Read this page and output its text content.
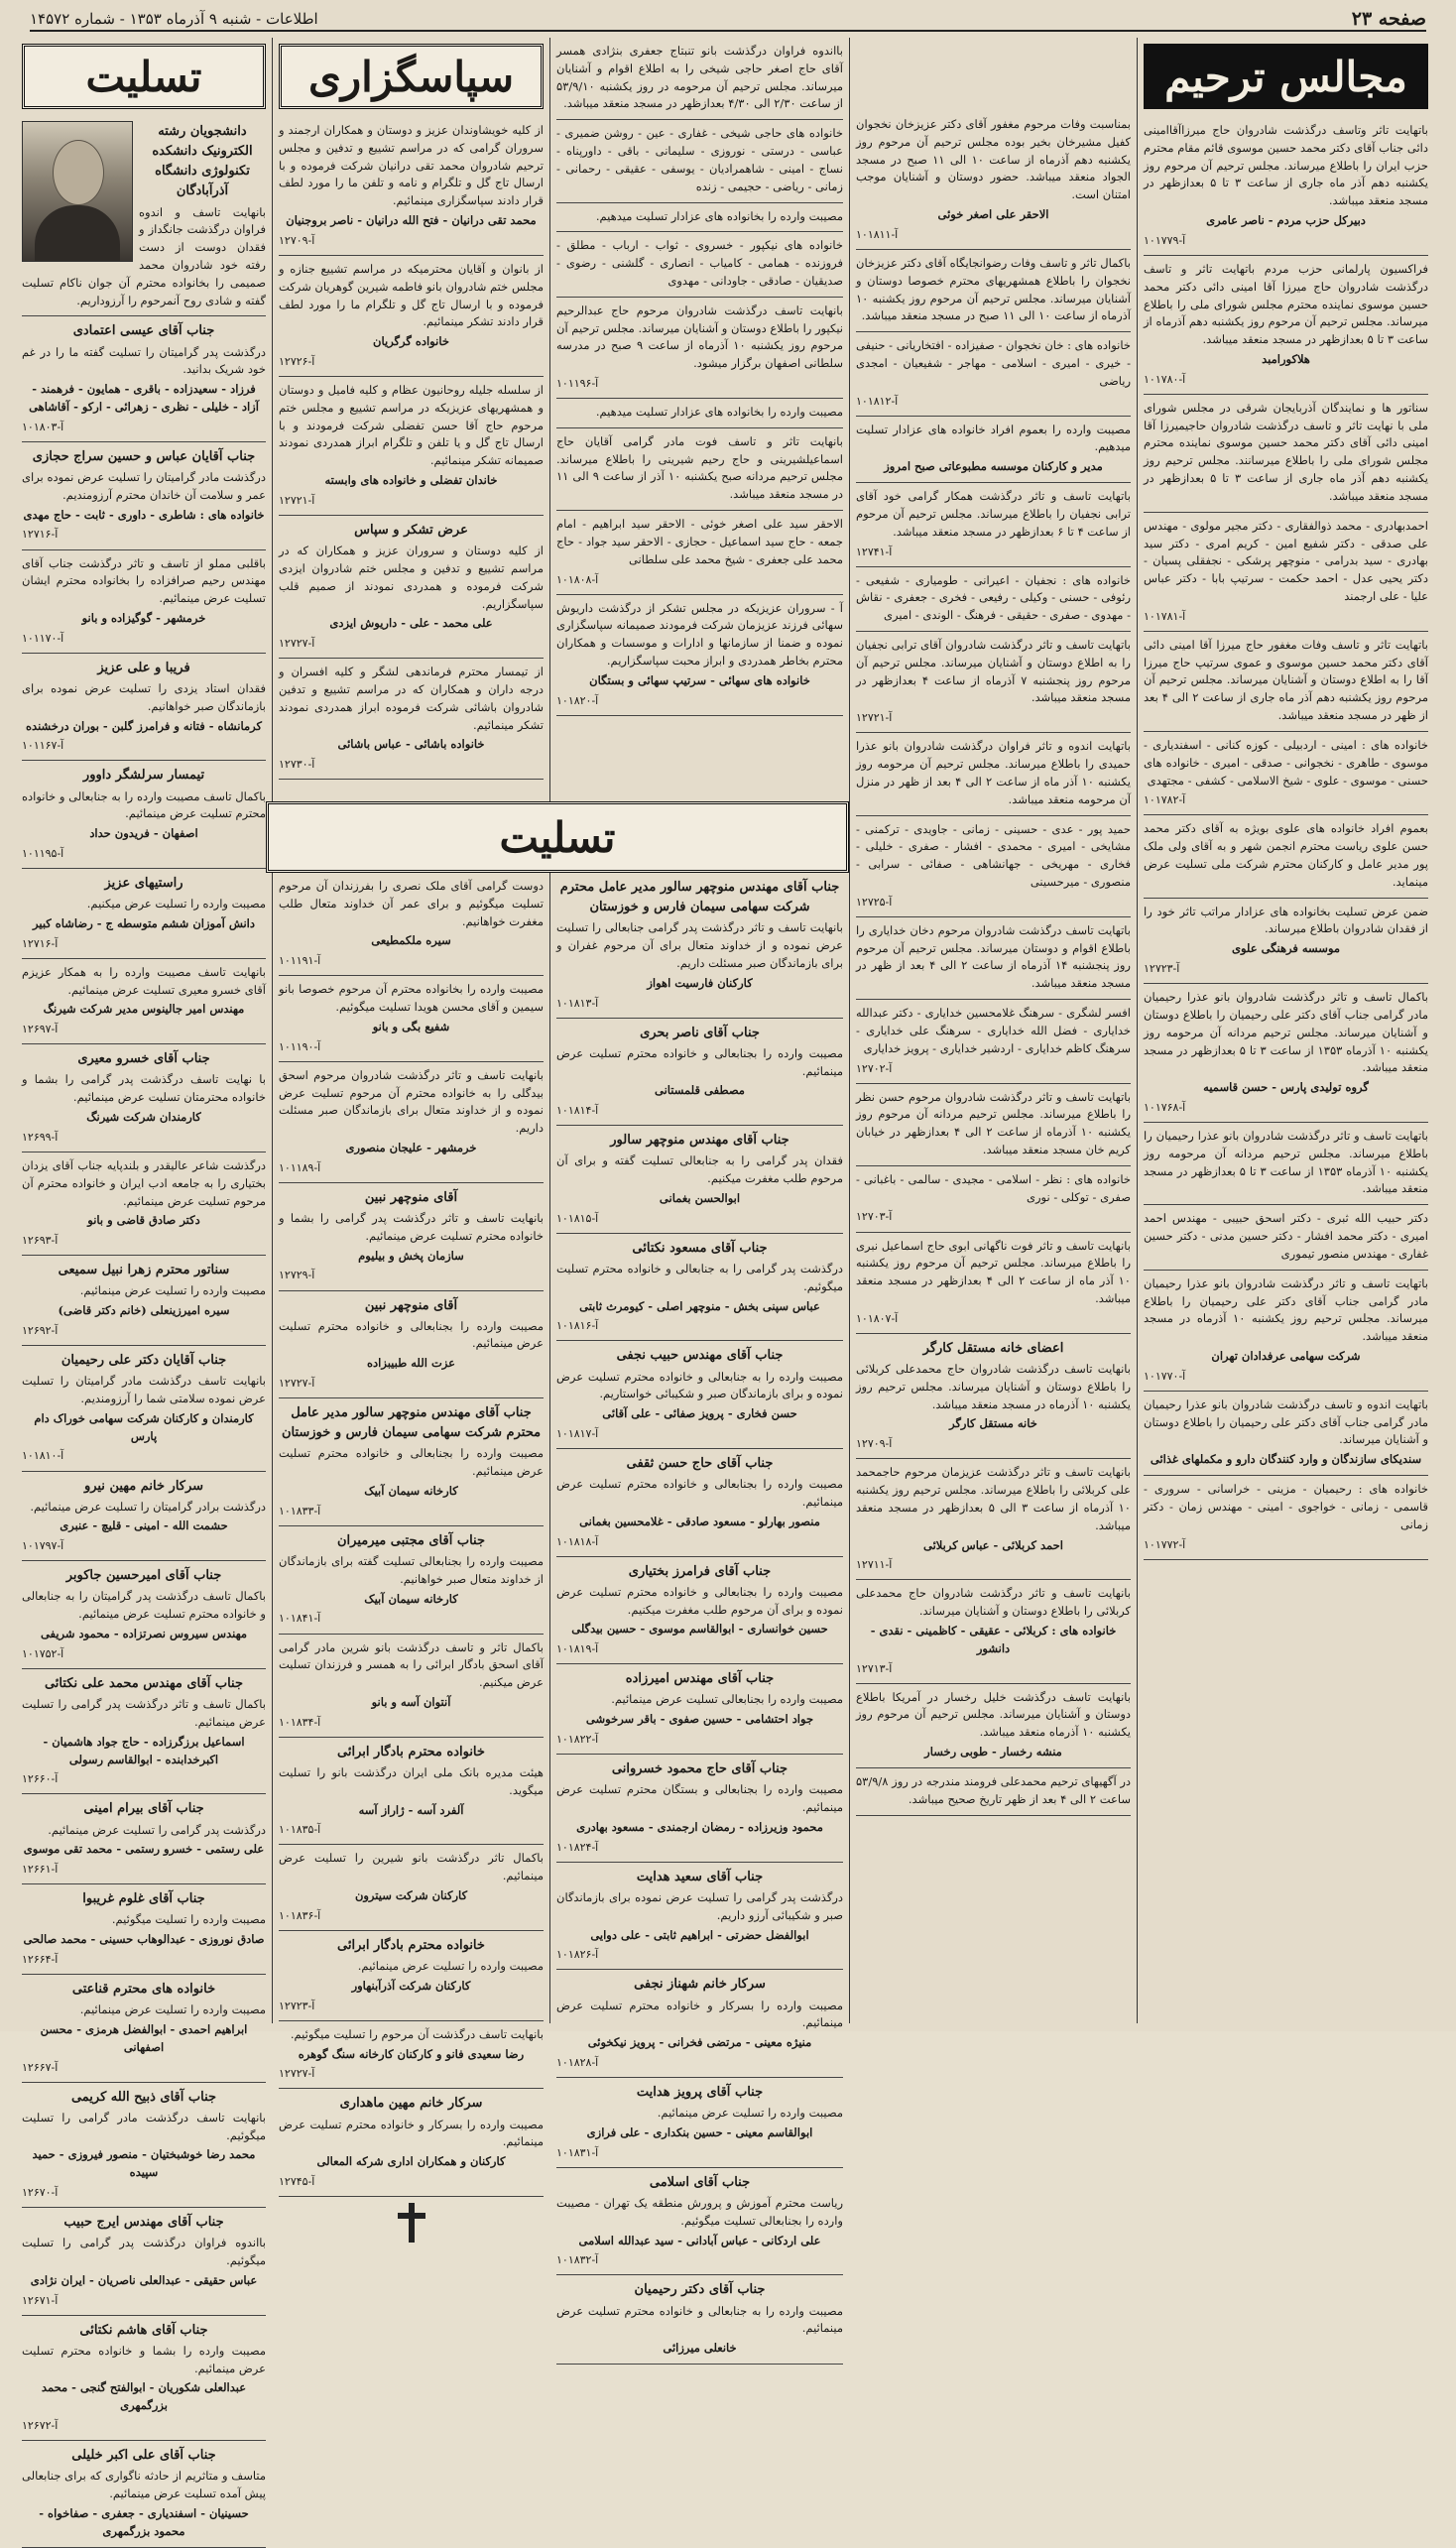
صفحه ۲۳
اطلاعات - شنبه ۹ آذرماه ۱۳۵۳ - شماره ۱۴۵۷۲
مجالس ترحیم
باتهایت تاثر وتاسف درگذشت شادروان حاج میرزاآقاامینی دائی جناب آقای دکتر محمد حسین موسوی قائم مقام محترم حزب ایران را باطلاع میرساند. مجلس ترحیم آن مرحوم روز یکشنبه دهم آذر ماه جاری از ساعت ۳ تا ۵ بعدازظهر در مسجد منعقد میباشد.
دبیرکل حزب مردم - ناصر عامری
آ-۱۰۱۷۷۹
فراکسیون پارلمانی حزب مردم باتهایت تاثر و تاسف درگذشت شادروان حاج میرزا آقا امینی دائی دکتر محمد حسین موسوی نماینده محترم مجلس شورای ملی را باطلاع میرساند. مجلس ترحیم آن مرحوم روز یکشنبه دهم آذرماه از ساعت ۳ تا ۵ بعدازظهر در مسجد منعقد میباشد.
هلاکورامبد
آ-۱۰۱۷۸۰
سناتور ها و نمایندگان آذربایجان شرقی در مجلس شورای ملی با نهایت تاثر و تاسف درگذشت شادروان حاجیمیرزا آقا امینی دائی آقای دکتر محمد حسین موسوی نماینده محترم مجلس شورای ملی را باطلاع میرسانند. مجلس ترحیم روز یکشنبه دهم آذر ماه جاری از ساعت ۳ تا ۵ بعدازظهر در مسجد منعقد میباشد.
احمدبهادری - محمد ذوالفقاری - دکتر مجیر مولوی - مهندس علی صدقی - دکتر شفیع امین - کریم امری - دکتر سید بهادری - سید بدرامی - منوچهر پرشکی - نجفقلی پسیان - دکتر یحیی عدل - احمد حکمت - سرتیپ بابا - دکتر عباس علیا - علی ارجمند
آ-۱۰۱۷۸۱
باتهایت تاثر و تاسف وفات مغفور حاج میرزا آقا امینی دائی آقای دکتر محمد حسین موسوی و عموی سرتیپ حاج میرزا آقا را به اطلاع دوستان و آشنایان میرساند. مجلس ترحیم آن مرحوم روز یکشنبه دهم آذر ماه جاری از ساعت ۲ الی ۴ بعد از ظهر در مسجد منعقد میباشد.
خانواده های : امینی - اردبیلی - کوزه کنانی - اسفندیاری - موسوی - طاهری - نخجوانی - صدقی - امیری - خانواده های حسنی - موسوی - علوی - شیخ الاسلامی - کشفی - مجتهدی
آ-۱۰۱۷۸۲
بعموم افراد خانواده های علوی بویژه به آقای دکتر محمد حسن علوی ریاست محترم انجمن شهر و به آقای ولی ملک پور مدیر عامل و کارکنان محترم شرکت ملی تسلیت عرض مینماید.
ضمن عرض تسلیت بخانواده های عزادار مراتب تاثر خود را از فقدان شادروان باطلاع میرساند.
موسسه فرهنگی علوی
آ-۱۲۷۲۳
باکمال تاسف و تاثر درگذشت شادروان بانو عذرا رحیمیان مادر گرامی جناب آقای دکتر علی رحیمیان را باطلاع دوستان و آشنایان میرساند. مجلس ترحیم مردانه آن مرحومه روز یکشنبه ۱۰ آذرماه ۱۳۵۳ از ساعت ۳ تا ۵ بعدازظهر در مسجد منعقد میباشد.
گروه تولیدی پارس - حسن قاسمیه
آ-۱۰۱۷۶۸
باتهایت تاسف و تاثر درگذشت شادروان بانو عذرا رحیمیان را باطلاع میرساند. مجلس ترحیم مردانه آن مرحومه روز یکشنبه ۱۰ آذرماه ۱۳۵۳ از ساعت ۳ تا ۵ بعدازظهر در مسجد منعقد میباشد.
دکتر حبیب الله ثبری - دکتر اسحق حبیبی - مهندس احمد امیری - دکتر محمد افشار - دکتر حسین مدنی - دکتر حسین غفاری - مهندس منصور تیموری
باتهایت تاسف و تاثر درگذشت شادروان بانو عذرا رحیمیان مادر گرامی جناب آقای دکتر علی رحیمیان را باطلاع میرساند. مجلس ترحیم روز یکشنبه ۱۰ آذرماه در مسجد منعقد میباشد.
شرکت سهامی عرفدادان تهران
آ-۱۰۱۷۷۰
باتهایت اندوه و تاسف درگذشت شادروان بانو عذرا رحیمیان مادر گرامی جناب آقای دکتر علی رحیمیان را باطلاع دوستان و آشنایان میرساند.
سندیکای سازندگان و وارد کنندگان دارو و مکملهای غذائی
خانواده های : رحیمیان - مزینی - خراسانی - سروری - قاسمی - زمانی - خواجوی - امینی - مهندس زمان - دکتر زمانی
آ-۱۰۱۷۷۲
بمناسبت وفات مرحوم مغفور آقای دکتر عزیزخان نخجوان کفیل مشیرخان بخیر بوده مجلس ترحیم آن مرحوم روز یکشنبه دهم آذرماه از ساعت ۱۰ الی ۱۱ صبح در مسجد الجواد منعقد میباشد. حضور دوستان و آشنایان موجب امتنان است.
الاحقر علی اصغر خوئی
آ-۱۰۱۸۱۱
باکمال تاثر و تاسف وفات رضوانجایگاه آقای دکتر عزیزخان نخجوان را باطلاع همشهریهای محترم خصوصا دوستان و آشنایان میرساند. مجلس ترحیم آن مرحوم روز یکشنبه ۱۰ آذرماه از ساعت ۱۰ الی ۱۱ صبح در مسجد منعقد میباشد.
خانواده های : خان نخجوان - صفیزاده - افتخاریانی - حنیفی - خیری - امیری - اسلامی - مهاجر - شفیعیان - امجدی ریاضی
آ-۱۰۱۸۱۲
مصیبت وارده را بعموم افراد خانواده های عزادار تسلیت میدهیم.
مدیر و کارکنان موسسه مطبوعاتی صبح امروز
باتهایت تاسف و تاثر درگذشت همکار گرامی خود آقای ترابی نجفیان را باطلاع میرساند. مجلس ترحیم آن مرحوم از ساعت ۴ تا ۶ بعدازظهر در مسجد منعقد میباشد.
آ-۱۲۷۴۱
خانواده های : نجفیان - اعیرانی - طومیاری - شفیعی - رئوفی - حسنی - وکیلی - رفیعی - فخری - جعفری - نقاش - مهدوی - صفری - حقیقی - فرهنگ - الوندی - امیری
باتهایت تاسف و تاثر درگذشت شادروان آقای ترابی نجفیان را به اطلاع دوستان و آشنایان میرساند. مجلس ترحیم آن مرحوم روز پنجشنبه ۷ آذرماه از ساعت ۴ بعدازظهر در مسجد منعقد میباشد.
آ-۱۲۷۲۱
باتهایت اندوه و تاثر فراوان درگذشت شادروان بانو عذرا حمیدی را باطلاع میرساند. مجلس ترحیم آن مرحومه روز یکشنبه ۱۰ آذر ماه از ساعت ۲ الی ۴ بعد از ظهر در منزل آن مرحومه منعقد میباشد.
حمید پور - عدی - حسینی - زمانی - جاویدی - ترکمنی - مشایخی - امیری - محمدی - افشار - صفری - خلیلی - فخاری - مهریخی - جهانشاهی - صفائی - سرابی - منصوری - میرحسینی
آ-۱۲۷۲۵
باتهایت تاسف درگذشت شادروان مرحوم دخان خدایاری را باطلاع اقوام و دوستان میرساند. مجلس ترحیم آن مرحوم روز پنجشنبه ۱۴ آذرماه از ساعت ۲ الی ۴ بعد از ظهر در مسجد منعقد میباشد.
افسر لشگری - سرهنگ غلامحسین خدایاری - دکتر عبدالله خدایاری - فضل الله خدایاری - سرهنگ علی خدایاری - سرهنگ کاظم خدایاری - اردشیر خدایاری - پرویز خدایاری
آ-۱۲۷۰۲
باتهایت تاسف و تاثر درگذشت شادروان مرحوم حسن نظر را باطلاع میرساند. مجلس ترحیم مردانه آن مرحوم روز یکشنبه ۱۰ آذرماه از ساعت ۲ الی ۴ بعدازظهر در خیابان کریم خان مسجد منعقد میباشد.
خانواده های : نظر - اسلامی - مجیدی - سالمی - باغبانی - صفری - توکلی - نوری
آ-۱۲۷۰۳
بانهایت تاسف و تاثر فوت ناگهانی ابوی حاج اسماعیل نبری را باطلاع میرساند. مجلس ترحیم آن مرحوم روز یکشنبه ۱۰ آذر ماه از ساعت ۲ الی ۴ بعدازظهر در مسجد منعقد میباشد.
آ-۱۰۱۸۰۷
اعضای خانه مستقل کارگر
بانهایت تاسف درگذشت شادروان حاج محمدعلی کربلائی را باطلاع دوستان و آشنایان میرساند. مجلس ترحیم روز یکشنبه ۱۰ آذرماه در مسجد منعقد میباشد.
خانه مستقل کارگر
آ-۱۲۷۰۹
بانهایت تاسف و تاثر درگذشت عزیزمان مرحوم حاجمحمد علی کربلائی را باطلاع میرساند. مجلس ترحیم روز یکشنبه ۱۰ آذرماه از ساعت ۳ الی ۵ بعدازظهر در مسجد منعقد میباشد.
احمد کربلائی - عباس کربلائی
آ-۱۲۷۱۱
بانهایت تاسف و تاثر درگذشت شادروان حاج محمدعلی کربلائی را باطلاع دوستان و آشنایان میرساند.
خانواده های : کربلائی - عقیقی - کاظمینی - نقدی - دانشور
آ-۱۲۷۱۳
بانهایت تاسف درگذشت خلیل رخسار در آمریکا باطلاع دوستان و آشنایان میرساند. مجلس ترحیم آن مرحوم روز یکشنبه ۱۰ آذرماه منعقد میباشد.
منشه رخسار - طوبی رخسار
در آگهیهای ترحیم محمدعلی فرومند مندرجه در روز ۵۳/۹/۸ ساعت ۲ الی ۴ بعد از ظهر تاریخ صحیح میباشد.
بااندوه فراوان درگذشت بانو تنبتاج جعفری بنژادی همسر آقای حاج اصغر حاجی شیخی را به اطلاع اقوام و آشنایان میرساند. مجلس ترحیم آن مرحومه در روز یکشنبه ۵۳/۹/۱۰ از ساعت ۲/۳۰ الی ۴/۳۰ بعدازظهر در مسجد منعقد میباشد.
خانواده های حاجی شیخی - غفاری - عین - روشن ضمیری - عباسی - درستی - نوروزی - سلیمانی - باقی - داورپناه - نساج - امینی - شاهمرادیان - یوسفی - عقیقی - رحمانی - زمانی - ریاضی - حجیمی - زنده
مصیبت وارده را بخانواده های عزادار تسلیت میدهیم.
خانواده های نیکپور - خسروی - ثواب - ارباب - مطلق - فروزنده - همامی - کامیاب - انصاری - گلشنی - رضوی - صدیقیان - صادقی - جاودانی - مهدوی
بانهایت تاسف درگذشت شادروان مرحوم حاج عبدالرحیم نیکپور را باطلاع دوستان و آشنایان میرساند. مجلس ترحیم آن مرحوم روز یکشنبه ۱۰ آذرماه از ساعت ۹ صبح در مدرسه سلطانی اصفهان برگزار میشود.
آ-۱۰۱۱۹۶
مصیبت وارده را بخانواده های عزادار تسلیت میدهیم.
بانهایت تاثر و تاسف فوت مادر گرامی آقایان حاج اسماعیلشیرینی و حاج رحیم شیرینی را باطلاع میرساند. مجلس ترحیم مردانه صبح یکشنبه ۱۰ آذر از ساعت ۹ الی ۱۱ در مسجد منعقد میباشد.
الاحقر سید علی اصغر خوئی - الاحقر سید ابراهیم - امام جمعه - حاج سید اسماعیل - حجازی - الاحقر سید جواد - حاج محمد علی جعفری - شیخ محمد علی سلطانی
آ-۱۰۱۸۰۸
آ - سروران عزیزیکه در مجلس تشکر از درگذشت داریوش سهائی فرزند عزیزمان شرکت فرمودند صمیمانه سپاسگزاری نموده و ضمنا از سازمانها و ادارات و موسسات و همکاران محترم بخاطر همدردی و ابراز محبت سپاسگزاریم.
خانواده های سهائی - سرتیپ سهائی و بستگان
آ-۱۰۱۸۲۰
جناب آقای مهندس منوچهر سالور مدیر عامل محترم شرکت سهامی سیمان فارس و خوزستان
بانهایت تاسف و تاثر درگذشت پدر گرامی جنابعالی را تسلیت عرض نموده و از خداوند متعال برای آن مرحوم غفران و برای بازماندگان صبر مسئلت داریم.
کارکنان فارسیت اهواز
آ-۱۰۱۸۱۳
جناب آقای ناصر بحری
مصیبت وارده را بجنابعالی و خانواده محترم تسلیت عرض مینمائیم.
مصطفی قلمستانی
آ-۱۰۱۸۱۴
جناب آقای مهندس منوچهر سالور
فقدان پدر گرامی را به جنابعالی تسلیت گفته و برای آن مرحوم طلب مغفرت میکنیم.
ابوالحسن بغمانی
آ-۱۰۱۸۱۵
جناب آقای مسعود نکتائی
درگذشت پدر گرامی را به جنابعالی و خانواده محترم تسلیت میگوئیم.
عباس سپنی بخش - منوچهر اصلی - کیومرث ثابتی
آ-۱۰۱۸۱۶
جناب آقای مهندس حبیب نجفی
مصیبت وارده را به جنابعالی و خانواده محترم تسلیت عرض نموده و برای بازماندگان صبر و شکیبائی خواستاریم.
حسن فخاری - پرویز صفائی - علی آقائی
آ-۱۰۱۸۱۷
جناب آقای حاج حسن ثقفی
مصیبت وارده را بجنابعالی و خانواده محترم تسلیت عرض مینمائیم.
منصور بهارلو - مسعود صادقی - غلامحسین بغمانی
آ-۱۰۱۸۱۸
جناب آقای فرامرز بختیاری
مصیبت وارده را بجنابعالی و خانواده محترم تسلیت عرض نموده و برای آن مرحوم طلب مغفرت میکنیم.
حسین خوانساری - ابوالقاسم موسوی - حسین بیدگلی
آ-۱۰۱۸۱۹
جناب آقای مهندس امیرزاده
مصیبت وارده را بجنابعالی تسلیت عرض مینمائیم.
جواد احتشامی - حسین صفوی - باقر سرخوشی
آ-۱۰۱۸۲۲
جناب آقای حاج محمود خسروانی
مصیبت وارده را بجنابعالی و بستگان محترم تسلیت عرض مینمائیم.
محمود وزیرزاده - رمضان ارجمندی - مسعود بهادری
آ-۱۰۱۸۲۴
جناب آقای سعید هدایت
درگذشت پدر گرامی را تسلیت عرض نموده برای بازماندگان صبر و شکیبائی آرزو داریم.
ابوالفضل حضرتی - ابراهیم ثابتی - علی دوایی
آ-۱۰۱۸۲۶
سرکار خانم شهناز نجفی
مصیبت وارده را بسرکار و خانواده محترم تسلیت عرض مینمائیم.
منیژه معینی - مرتضی فخرانی - پرویز نیکخوئی
آ-۱۰۱۸۲۸
جناب آقای پرویز هدایت
مصیبت وارده را تسلیت عرض مینمائیم.
ابوالقاسم معینی - حسین بنکداری - علی فرازی
آ-۱۰۱۸۳۱
جناب آقای اسلامی
ریاست محترم آموزش و پرورش منطقه یک تهران - مصیبت وارده را بجنابعالی تسلیت میگوئیم.
علی اردکانی - عباس آبادانی - سید عبدالله اسلامی
آ-۱۰۱۸۳۲
جناب آقای دکتر رحیمیان
مصیبت وارده را به جنابعالی و خانواده محترم تسلیت عرض مینمائیم.
خانعلی میرزائی
سپاسگزاری
از کلیه خویشاوندان عزیز و دوستان و همکاران ارجمند و سروران گرامی که در مراسم تشییع و تدفین و مجلس ترحیم شادروان محمد تقی درانیان شرکت فرموده و با ارسال تاج گل و تلگرام و نامه و تلفن ما را مورد لطف قرار دادند سپاسگزاری مینمائیم.
محمد تقی درانیان - فتح الله درانیان - ناصر بروجنیان
آ-۱۲۷۰۹
از بانوان و آقایان محترمیکه در مراسم تشییع جنازه و مجلس ختم شادروان بانو فاطمه شیرین گوهریان شرکت فرموده و با ارسال تاج گل و تلگرام ما را مورد لطف قرار دادند تشکر مینمائیم.
خانواده گرگریان
آ-۱۲۷۲۶
از سلسله جلیله روحانیون عظام و کلیه فامیل و دوستان و همشهریهای عزیزیکه در مراسم تشییع و مجلس ختم مرحوم حاج آقا حسن تفضلی شرکت فرمودند و با ارسال تاج گل و یا تلفن و تلگرام ابراز همدردی نمودند صمیمانه تشکر مینمائیم.
خاندان تفضلی و خانواده های وابسته
آ-۱۲۷۲۱
عرض تشکر و سپاس
از کلیه دوستان و سروران عزیز و همکاران که در مراسم تشییع و تدفین و مجلس ختم شادروان ایزدی شرکت فرموده و همدردی نمودند از صمیم قلب سپاسگزاریم.
علی محمد - علی - داریوش ایزدی
آ-۱۲۷۲۷
از تیمسار محترم فرماندهی لشگر و کلیه افسران و درجه داران و همکاران که در مراسم تشییع و تدفین شادروان باشائی شرکت فرموده ابراز همدردی نمودند تشکر مینمائیم.
خانواده باشائی - عباس باشائی
آ-۱۲۷۳۰
دوست گرامی آقای ملک نصری را بفرزندان آن مرحوم تسلیت میگوئیم و برای عمر آن خداوند متعال طلب مغفرت خواهانیم.
سیره ملکمطیعی
آ-۱۰۱۱۹۱
مصیبت وارده را بخانواده محترم آن مرحوم خصوصا بانو سیمین و آقای محسن هویدا تسلیت میگوئیم.
شفیع بگی و بانو
آ-۱۰۱۱۹۰
بانهایت تاسف و تاثر درگذشت شادروان مرحوم اسحق بیدگلی را به خانواده محترم آن مرحوم تسلیت عرض نموده و از خداوند متعال برای بازماندگان صبر مسئلت داریم.
خرمشهر - علیجان منصوری
آ-۱۰۱۱۸۹
آقای منوچهر نبین
بانهایت تاسف و تاثر درگذشت پدر گرامی را بشما و خانواده محترم تسلیت عرض مینمائیم.
سازمان پخش و بیلیوم
آ-۱۲۷۲۹
آقای منوچهر نبین
مصیبت وارده را بجنابعالی و خانواده محترم تسلیت عرض مینمائیم.
عزت الله طبیبزاده
آ-۱۲۷۲۷
جناب آقای مهندس منوچهر سالور مدیر عامل محترم شرکت سهامی سیمان فارس و خوزستان
مصیبت وارده را بجنابعالی و خانواده محترم تسلیت عرض مینمائیم.
کارخانه سیمان آبیک
آ-۱۰۱۸۳۳
جناب آقای مجتبی میرمیران
مصیبت وارده را بجنابعالی تسلیت گفته برای بازماندگان از خداوند متعال صبر خواهانیم.
کارخانه سیمان آبیک
آ-۱۰۱۸۴۱
باکمال تاثر و تاسف درگذشت بانو شرین مادر گرامی آقای اسحق بادگار ابرائی را به همسر و فرزندان تسلیت عرض میکنیم.
آنتوان آسه و بانو
آ-۱۰۱۸۳۴
خانواده محترم بادگار ابرائی
هیئت مدیره بانک ملی ایران درگذشت بانو را تسلیت میگوید.
آلفرد آسه - ژاراز آسه
آ-۱۰۱۸۳۵
باکمال تاثر درگذشت بانو شیرین را تسلیت عرض مینمائیم.
کارکنان شرکت سیترون
آ-۱۰۱۸۳۶
خانواده محترم بادگار ابرائی
مصیبت وارده را تسلیت عرض مینمائیم.
کارکنان شرکت آذرآبنهاور
آ-۱۲۷۲۳
بانهایت تاسف درگذشت آن مرحوم را تسلیت میگوئیم.
رضا سعیدی فانو و کارکنان کارخانه سنگ گوهره
آ-۱۲۷۲۷
سرکار خانم مهین ماهداری
مصیبت وارده را بسرکار و خانواده محترم تسلیت عرض مینمائیم.
کارکنان و همکاران اداری شرکه المعالی
آ-۱۲۷۴۵
تسلیت
تسلیت
دانشجویان رشته الکترونیک دانشکده تکنولوژی دانشگاه آذرآبادگان
بانهایت تاسف و اندوه فراوان درگذشت جانگداز و فقدان دوست از دست رفته خود شادروان محمد صمیمی را بخانواده محترم آن جوان ناکام تسلیت گفته و شادی روح آنمرحوم را آرزوداریم.
جناب آقای عیسی اعتمادی
درگذشت پدر گرامیتان را تسلیت گفته ما را در غم خود شریک بدانید.
فرزاد - سعیدزاده - باقری - همایون - فرهمند - آزاد - خلیلی - نظری - زهرائی - ارکو - آقاشاهی
آ-۱۰۱۸۰۳
جناب آقایان عباس و حسین سراج حجازی
درگذشت مادر گرامیتان را تسلیت عرض نموده برای عمر و سلامت آن خاندان محترم آرزومندیم.
خانواده های : شاطری - داوری - ثابت - حاج مهدی
آ-۱۲۷۱۶
باقلبی مملو از تاسف و تاثر درگذشت جناب آقای مهندس رحیم صرافزاده را بخانواده محترم ایشان تسلیت عرض مینمائیم.
خرمشهر - گوگیزاده و بانو
آ-۱۰۱۱۷۰
فریبا و علی عزیز
فقدان استاد یزدی را تسلیت عرض نموده برای بازماندگان صبر خواهانیم.
کرمانشاه - فتانه و فرامرز گلبن - بوران درخشنده
آ-۱۰۱۱۶۷
تیمسار سرلشگر داوور
باکمال تاسف مصیبت وارده را به جنابعالی و خانواده محترم تسلیت عرض مینمائیم.
اصفهان - فریدون حداد
آ-۱۰۱۱۹۵
راستیهای عزیز
مصیبت وارده را تسلیت عرض میکنیم.
دانش آموزان ششم متوسطه ج - رضاشاه کبیر
آ-۱۲۷۱۶
بانهایت تاسف مصیبت وارده را به همکار عزیزم آقای خسرو معیری تسلیت عرض مینمائیم.
مهندس امیر جالینوس مدیر شرکت شیرنگ
آ-۱۲۶۹۷
جناب آقای خسرو معیری
با نهایت تاسف درگذشت پدر گرامی را بشما و خانواده محترمتان تسلیت عرض مینمائیم.
کارمندان شرکت شیرنگ
آ-۱۲۶۹۹
درگذشت شاعر عالیقدر و بلندپایه جناب آقای یزدان بختیاری را به جامعه ادب ایران و خانواده محترم آن مرحوم تسلیت عرض مینمائیم.
دکتر صادق قاضی و بانو
آ-۱۲۶۹۳
سناتور محترم زهرا نبیل سمیعی
مصیبت وارده را تسلیت عرض مینمائیم.
سیره امیرزینعلی (خانم دکتر قاضی)
آ-۱۲۶۹۲
جناب آقایان دکتر علی رحیمیان
بانهایت تاسف درگذشت مادر گرامیتان را تسلیت عرض نموده سلامتی شما را آرزومندیم.
کارمندان و کارکنان شرکت سهامی خوراک دام پارس
آ-۱۰۱۸۱۰
سرکار خانم مهین نیرو
درگذشت برادر گرامیتان را تسلیت عرض مینمائیم.
حشمت الله - امینی - قلیچ - عنبری
آ-۱۰۱۷۹۷
جناب آقای امیرحسین جاکوبر
باکمال تاسف درگذشت پدر گرامیتان را به جنابعالی و خانواده محترم تسلیت عرض مینمائیم.
مهندس سیروس نصرتزاده - محمود شریفی
آ-۱۰۱۷۵۲
جناب آقای مهندس محمد علی نکتائی
باکمال تاسف و تاثر درگذشت پدر گرامی را تسلیت عرض مینمائیم.
اسماعیل برزگرزاده - حاج جواد هاشمیان - اکبرخدابنده - ابوالقاسم رسولی
آ-۱۲۶۶۰
جناب آقای بیرام امینی
درگذشت پدر گرامی را تسلیت عرض مینمائیم.
علی رستمی - خسرو رستمی - محمد تقی موسوی
آ-۱۲۶۶۱
جناب آقای غلوم غریبوا
مصیبت وارده را تسلیت میگوئیم.
صادق نوروزی - عبدالوهاب حسینی - محمد صالحی
آ-۱۲۶۶۴
خانواده های محترم قناعتی
مصیبت وارده را تسلیت عرض مینمائیم.
ابراهیم احمدی - ابوالفضل هرمزی - محسن اصفهانی
آ-۱۲۶۶۷
جناب آقای ذبیح الله کریمی
بانهایت تاسف درگذشت مادر گرامی را تسلیت میگوئیم.
محمد رضا خوشبختیان - منصور فیروزی - حمید سپیده
آ-۱۲۶۷۰
جناب آقای مهندس ایرج حبیب
بااندوه فراوان درگذشت پدر گرامی را تسلیت میگوئیم.
عباس حقیقی - عبدالعلی ناصریان - ایران نژادی
آ-۱۲۶۷۱
جناب آقای هاشم نکتائی
مصیبت وارده را بشما و خانواده محترم تسلیت عرض مینمائیم.
عبدالعلی شکوریان - ابوالفتح گنجی - محمد بزرگمهری
آ-۱۲۶۷۲
جناب آقای علی اکبر خلیلی
متاسف و متاثریم از حادثه ناگواری که برای جنابعالی پیش آمده تسلیت عرض مینمائیم.
حسینیان - اسفندیاری - جعفری - صفاخواه - محمود بزرگمهری
